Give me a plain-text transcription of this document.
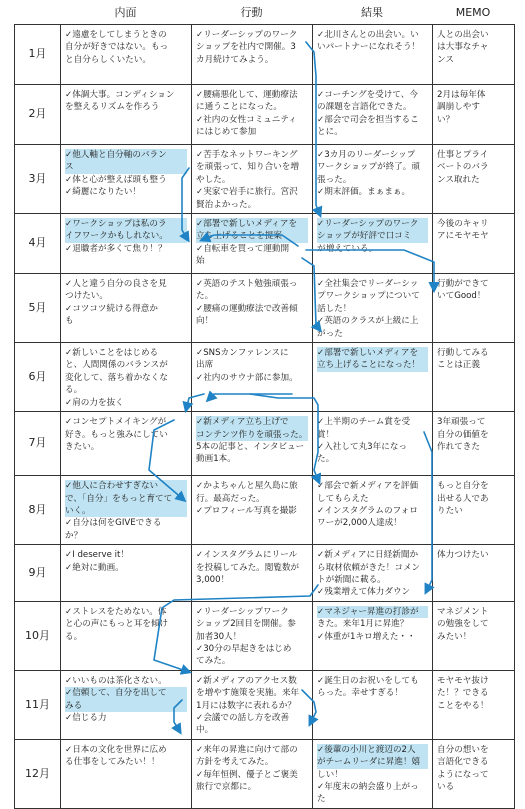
内面	行動	結果	MEMO
1月	✓遠慮をしてしまうときの
自分が好きではない。もっ
と自分らしくいたい。	✓リーダーシップのワーク
ショップを社内で開催。3
カ月続けてみよう。	✓北川さんとの出会い。い
いパートナーになれそう！	人との出会い
は大事なチャ
ンス

2月	✓体調大事。コンディション
を整えるリズムを作ろう	✓腰痛悪化して、運動療法
に通うことになった。
✓社内の女性コミュニティ
にはじめて参加	✓コーチングを受けて、今
の課題を言語化できた。
✓部会で司会を担当するこ
とに。	2月は毎年体
調崩しやす
い？

3月	✓他人軸と自分軸のバラン
ス
✓体と心が整えば頭も整う
✓綺麗になりたい！	✓苦手なネットワーキング
を頑張って、知り合いを増
やした。
✓実家で岩手に旅行。宮沢
賢治よかった。	✓3カ月のリーダーシップ
ワークショップが終了。頑
張った。
✓期末評価。まぁまぁ。	仕事とプライ
ベートのバラ
ンス取れた

4月	✓ワークショップは私のラ
イフワークかもしれない。
✓退職者が多くて焦り！？	✓部署で新しいメディアを
立ち上げることを提案
✓自転車を買って運動開
始	✓リーダーシップのワーク
ショップが好評で口コミ
が増えている。	今後のキャリ
アにモヤモヤ

5月	✓人と違う自分の良さを見
つけたい。
✓コツコツ続ける得意か
も	✓英語のテスト勉強頑張っ
た。
✓腰痛の運動療法で改善傾
向！	✓全社集会でリーダーシッ
プワークショップについて
話した！
✓英語のクラスが上級に上
がった	行動ができて
いてGood！

6月	✓新しいことをはじめる
と、人間関係のバランスが
変化して、落ち着かなくな
る。
✓肩の力を抜く	✓SNSカンファレンスに
出席
✓社内のサウナ部に参加。	✓部署で新しいメディアを
立ち上げることになった！	行動してみる
ことは正義

7月	✓コンセプトメイキングが
好き。もっと強みにしてい
きたい。	✓新メディア立ち上げで
コンテンツ作りを頑張った。
5本の記事と、インタビュー
動画1本。	✓上半期のチーム賞を受
賞！
✓入社して丸3年になっ
た。	3年頑張って
自分の価値を
作れてきた

8月	✓他人に合わせすぎない
で、「自分」をもっと育てて
いく。
✓自分は何をGIVEできる
か？	✓かよちゃんと屋久島に旅
行。最高だった。
✓プロフィール写真を撮影	✓部会で新メディアを評価
してもらえた
✓インスタグラムのフォロ
ワーが2,000人達成！	もっと自分を
出せる人であ
りたい

9月	✓I deserve it！
✓絶対に動画。	✓インスタグラムにリール
を投稿してみた。閲覧数が
3,000！	✓新メディアに日経新聞か
ら取材依頼がきた！コメン
トが新聞に載る。
✓残業増えて体力ダウン	体力つけたい

10月	✓ストレスをためない。体
と心の声にもっと耳を傾け
る。	✓リーダーシップワーク
ショップ2回目を開催。参
加者30人！
✓30分の早起きをはじめ
てみた。	✓マネジャー昇進の打診が
きた。来年1月に昇進？
✓体重が1キロ増えた・・	マネジメント
の勉強をして
みたい！

11月	✓いいものは茶化さない。
✓信頼して、自分を出して
みる
✓信じる力	✓新メディアのアクセス数
を増やす施策を実施。来年
1月には数字に表れるか？
✓会議での話し方を改善
中。	✓誕生日のお祝いをしても
らった。幸せすぎる！	モヤモヤ抜け
た！？できる
ことをやる！

12月	✓日本の文化を世界に広め
る仕事をしてみたい！！	✓来年の昇進に向けて部の
方針を考えてみた。
✓毎年恒例、優子とご褒美
旅行で京都に。	✓後輩の小川と渡辺の2人
がチームリーダに昇進！嬉
しい！
✓年度末の納会盛り上がっ
た	自分の想いを
言語化できる
ようになって
いる
